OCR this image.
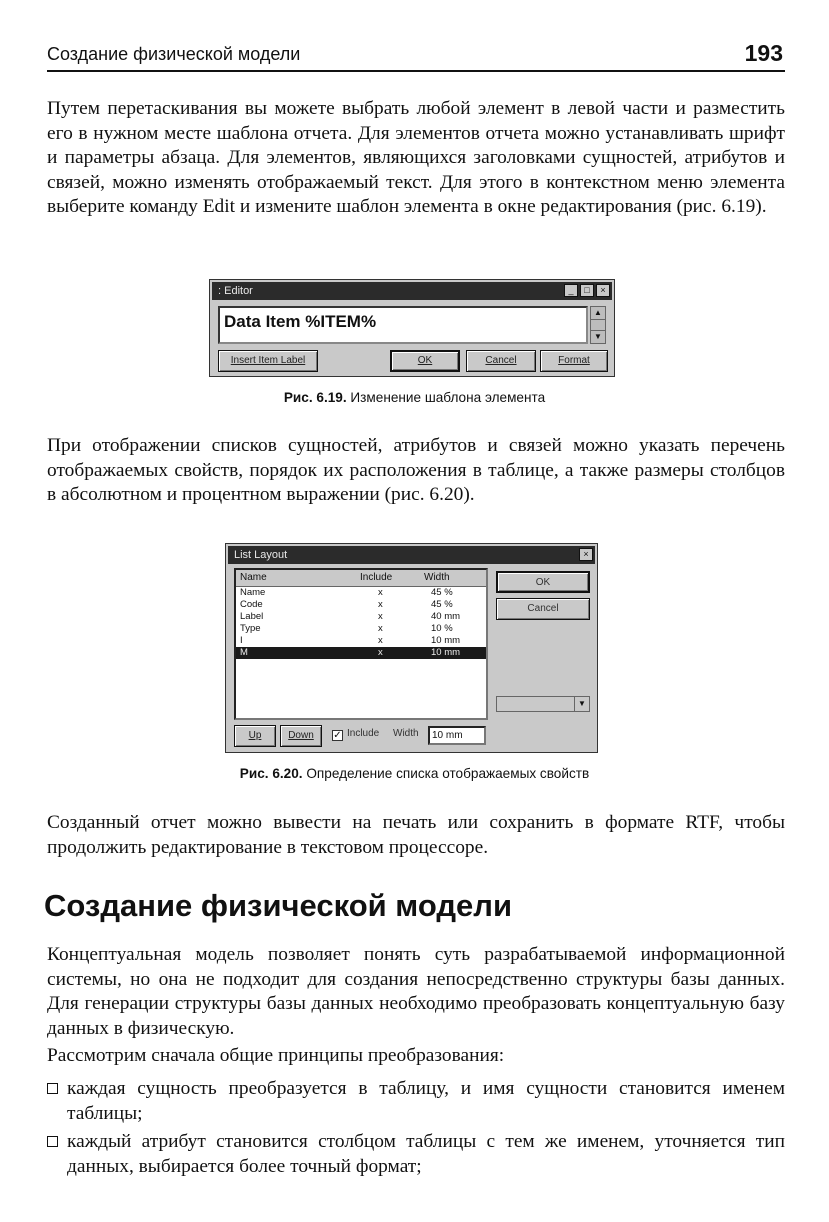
Создание физической модели	193

Путем перетаскивания вы можете выбрать любой элемент в левой части и разместить его в нужном месте шаблона отчета. Для элементов отчета можно устанавливать шрифт и параметры абзаца. Для элементов, являющихся заголовками сущностей, атрибутов и связей, можно изменять отображаемый текст. Для этого в контекстном меню элемента выберите команду Edit и измените шаблон элемента в окне редактирования (рис. 6.19).

: Editor	_	□	×
Data Item %ITEM%	▲
▼
Insert Item Label	OK	Cancel	Format
Рис. 6.19. Изменение шаблона элемента

При отображении списков сущностей, атрибутов и связей можно указать перечень отображаемых свойств, порядок их расположения в таблице, а также размеры столбцов в абсолютном и процентном выражении (рис. 6.20).

List Layout	×
Name	Include	Width
Name	x	45 %
Code	x	45 %
Label	x	40 mm
Type	x	10 %
I	x	10 mm
M	x	10 mm
OK
Cancel
▼
Up	Down	✓ Include Width	10 mm
Рис. 6.20. Определение списка отображаемых свойств

Созданный отчет можно вывести на печать или сохранить в формате RTF, чтобы продолжить редактирование в текстовом процессоре.

Создание физической модели

Концептуальная модель позволяет понять суть разрабатываемой информационной системы, но она не подходит для создания непосредственно структуры базы данных. Для генерации структуры базы данных необходимо преобразовать концептуальную базу данных в физическую.

Рассмотрим сначала общие принципы преобразования:

каждая сущность преобразуется в таблицу, и имя сущности становится именем таблицы;
каждый атрибут становится столбцом таблицы с тем же именем, уточняется тип данных, выбирается более точный формат;
